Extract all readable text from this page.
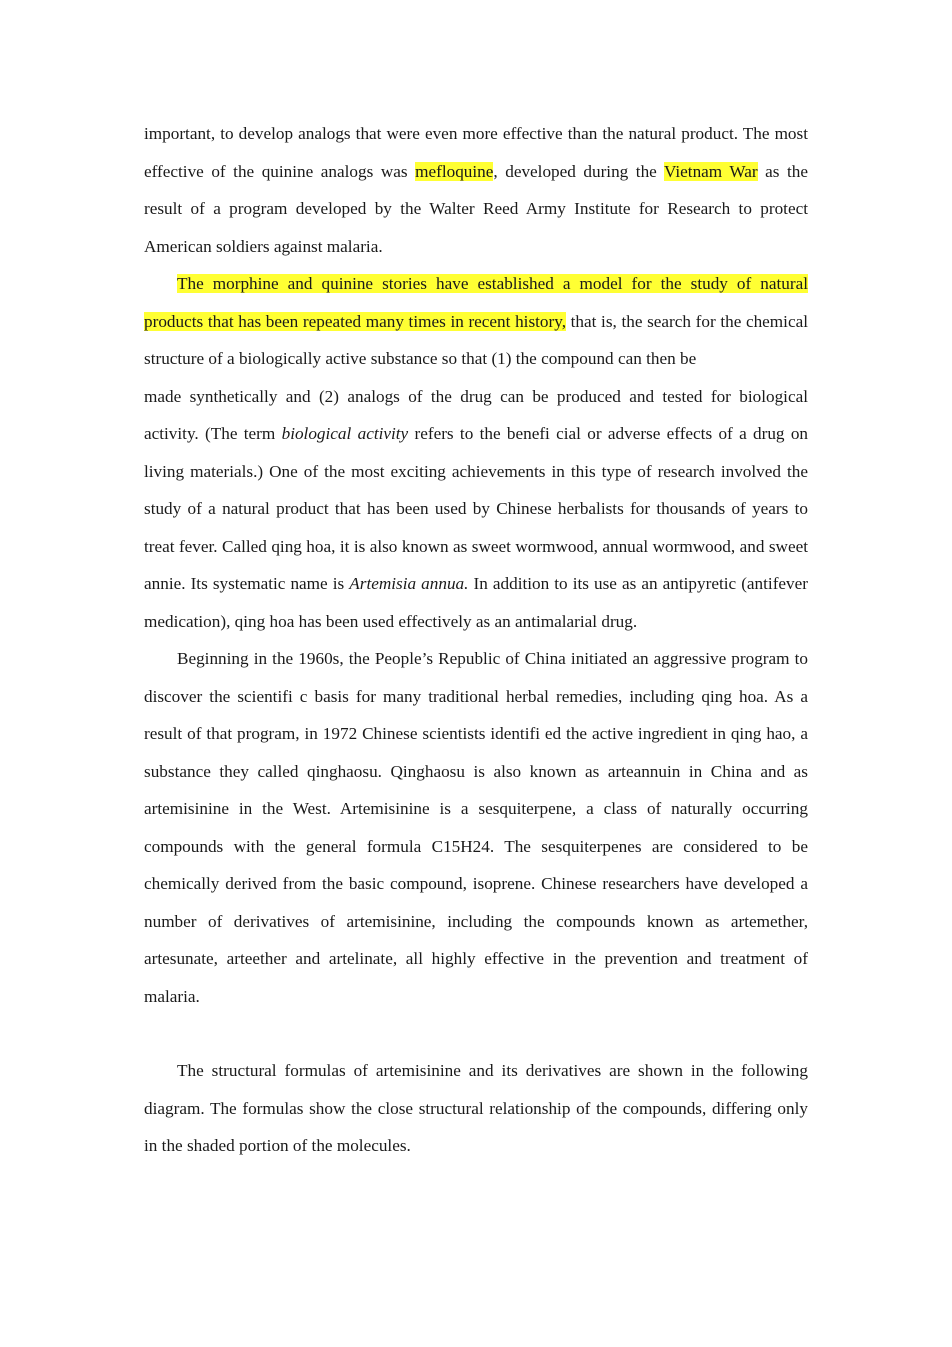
important, to develop analogs that were even more effective than the natural product. The most effective of the quinine analogs was mefloquine, developed during the Vietnam War as the result of a program developed by the Walter Reed Army Institute for Research to protect American soldiers against malaria.

The morphine and quinine stories have established a model for the study of natural products that has been repeated many times in recent history, that is, the search for the chemical structure of a biologically active substance so that (1) the compound can then be

made synthetically and (2) analogs of the drug can be produced and tested for biological activity. (The term biological activity refers to the benefi cial or adverse effects of a drug on living materials.) One of the most exciting achievements in this type of research involved the study of a natural product that has been used by Chinese herbalists for thousands of years to treat fever. Called qing hoa, it is also known as sweet wormwood, annual wormwood, and sweet annie. Its systematic name is Artemisia annua. In addition to its use as an antipyretic (antifever medication), qing hoa has been used effectively as an antimalarial drug.

Beginning in the 1960s, the People’s Republic of China initiated an aggressive program to discover the scientifi c basis for many traditional herbal remedies, including qing hoa. As a result of that program, in 1972 Chinese scientists identifi ed the active ingredient in qing hao, a substance they called qinghaosu. Qinghaosu is also known as arteannuin in China and as artemisinine in the West. Artemisinine is a sesquiterpene, a class of naturally occurring compounds with the general formula C15H24. The sesquiterpenes are considered to be chemically derived from the basic compound, isoprene. Chinese researchers have developed a number of derivatives of artemisinine, including the compounds known as artemether, artesunate, arteether and artelinate, all highly effective in the prevention and treatment of malaria.

The structural formulas of artemisinine and its derivatives are shown in the following diagram. The formulas show the close structural relationship of the compounds, differing only in the shaded portion of the molecules.
